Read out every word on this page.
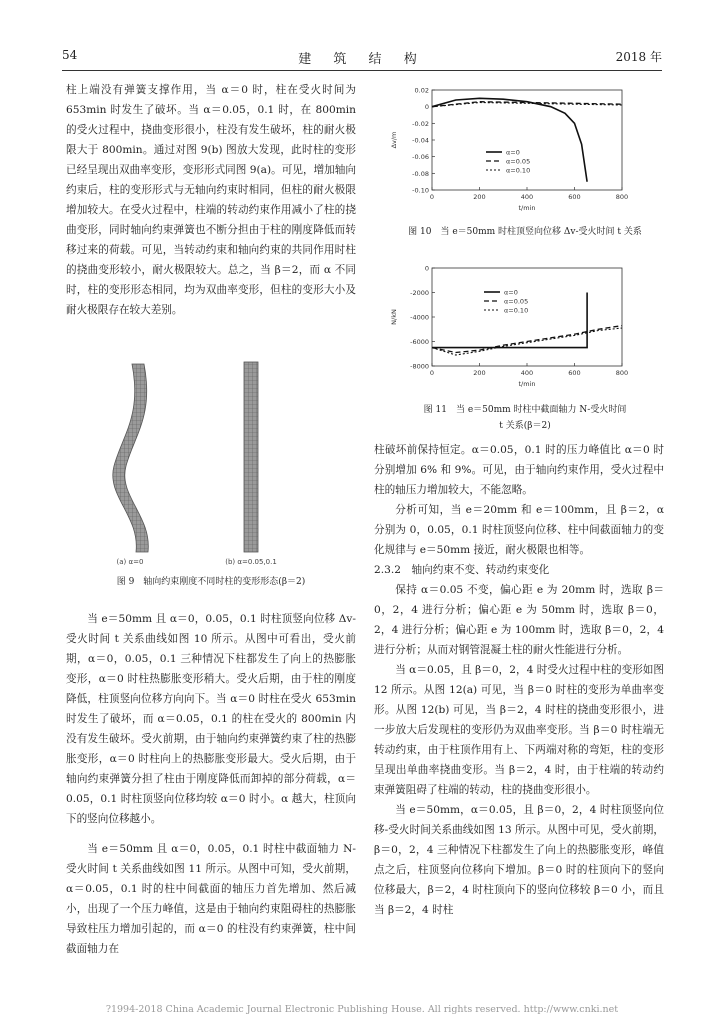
54	建 筑 结 构	2018 年

柱上端没有弹簧支撑作用，当 α＝0 时，柱在受火时间为 653min 时发生了破坏。当 α＝0.05，0.1 时，在 800min 的受火过程中，挠曲变形很小，柱没有发生破坏，柱的耐火极限大于 800min。通过对图 9(b) 图放大发现，此时柱的变形已经呈现出双曲率变形，变形形式同图 9(a)。可见，增加轴向约束后，柱的变形形式与无轴向约束时相同，但柱的耐火极限增加较大。在受火过程中，柱端的转动约束作用减小了柱的挠曲变形，同时轴向约束弹簧也不断分担由于柱的刚度降低而转移过来的荷载。可见，当转动约束和轴向约束的共同作用时柱的挠曲变形较小，耐火极限较大。总之，当 β＝2，而 α 不同时，柱的变形形态相同，均为双曲率变形，但柱的变形大小及耐火极限存在较大差别。

(a) α=0	(b) α=0.05,0.1
图 9　轴向约束刚度不同时柱的变形形态(β＝2)

当 e＝50mm 且 α＝0，0.05，0.1 时柱顶竖向位移 Δv-受火时间 t 关系曲线如图 10 所示。从图中可看出，受火前期，α＝0，0.05，0.1 三种情况下柱都发生了向上的热膨胀变形，α＝0 时柱热膨胀变形稍大。受火后期，由于柱的刚度降低，柱顶竖向位移方向向下。当 α＝0 时柱在受火 653min 时发生了破坏，而 α＝0.05，0.1 的柱在受火的 800min 内没有发生破坏。受火前期，由于轴向约束弹簧约束了柱的热膨胀变形，α＝0 时柱向上的热膨胀变形最大。受火后期，由于轴向约束弹簧分担了柱由于刚度降低而卸掉的部分荷载，α＝0.05，0.1 时柱顶竖向位移均较 α＝0 时小。α 越大，柱顶向下的竖向位移越小。

当 e＝50mm 且 α＝0，0.05，0.1 时柱中截面轴力 N-受火时间 t 关系曲线如图 11 所示。从图中可知，受火前期，α＝0.05，0.1 时的柱中间截面的轴压力首先增加、然后减小，出现了一个压力峰值，这是由于轴向约束阻碍柱的热膨胀导致柱压力增加引起的，而 α＝0 的柱没有约束弹簧，柱中间截面轴力在

0	200	400	600	800
0.02
0
-0.02
-0.04
-0.06
-0.08
-0.10
t/min
Δv/m
α=0
α=0.05
α=0.10
图 10　当 e＝50mm 时柱顶竖向位移 Δv-受火时间 t 关系
0	200	400	600	800
0
-2000
-4000
-6000
-8000
t/min
N/kN
α=0
α=0.05
α=0.10
图 11　当 e＝50mm 时柱中截面轴力 N-受火时间
t 关系(β＝2)

柱破坏前保持恒定。α＝0.05，0.1 时的压力峰值比 α＝0 时分别增加 6% 和 9%。可见，由于轴向约束作用，受火过程中柱的轴压力增加较大，不能忽略。

分析可知，当 e＝20mm 和 e＝100mm，且 β＝2，α 分别为 0，0.05，0.1 时柱顶竖向位移、柱中间截面轴力的变化规律与 e＝50mm 接近，耐火极限也相等。

2.3.2　轴向约束不变、转动约束变化

保持 α＝0.05 不变，偏心距 e 为 20mm 时，选取 β＝0，2，4 进行分析；偏心距 e 为 50mm 时，选取 β＝0，2，4 进行分析；偏心距 e 为 100mm 时，选取 β＝0，2，4 进行分析；从而对钢管混凝土柱的耐火性能进行分析。

当 α＝0.05，且 β＝0，2，4 时受火过程中柱的变形如图 12 所示。从图 12(a) 可见，当 β＝0 时柱的变形为单曲率变形。从图 12(b) 可见，当 β＝2，4 时柱的挠曲变形很小，进一步放大后发现柱的变形仍为双曲率变形。当 β＝0 时柱端无转动约束，由于柱顶作用有上、下两端对称的弯矩，柱的变形呈现出单曲率挠曲变形。当 β＝2，4 时，由于柱端的转动约束弹簧阻碍了柱端的转动，柱的挠曲变形很小。

当 e＝50mm，α＝0.05，且 β＝0，2，4 时柱顶竖向位移-受火时间关系曲线如图 13 所示。从图中可见，受火前期，β＝0，2，4 三种情况下柱都发生了向上的热膨胀变形，峰值点之后，柱顶竖向位移向下增加。β＝0 时的柱顶向下的竖向位移最大，β＝2，4 时柱顶向下的竖向位移较 β＝0 小，而且当 β＝2，4 时柱

?1994-2018 China Academic Journal Electronic Publishing House. All rights reserved. http://www.cnki.net
